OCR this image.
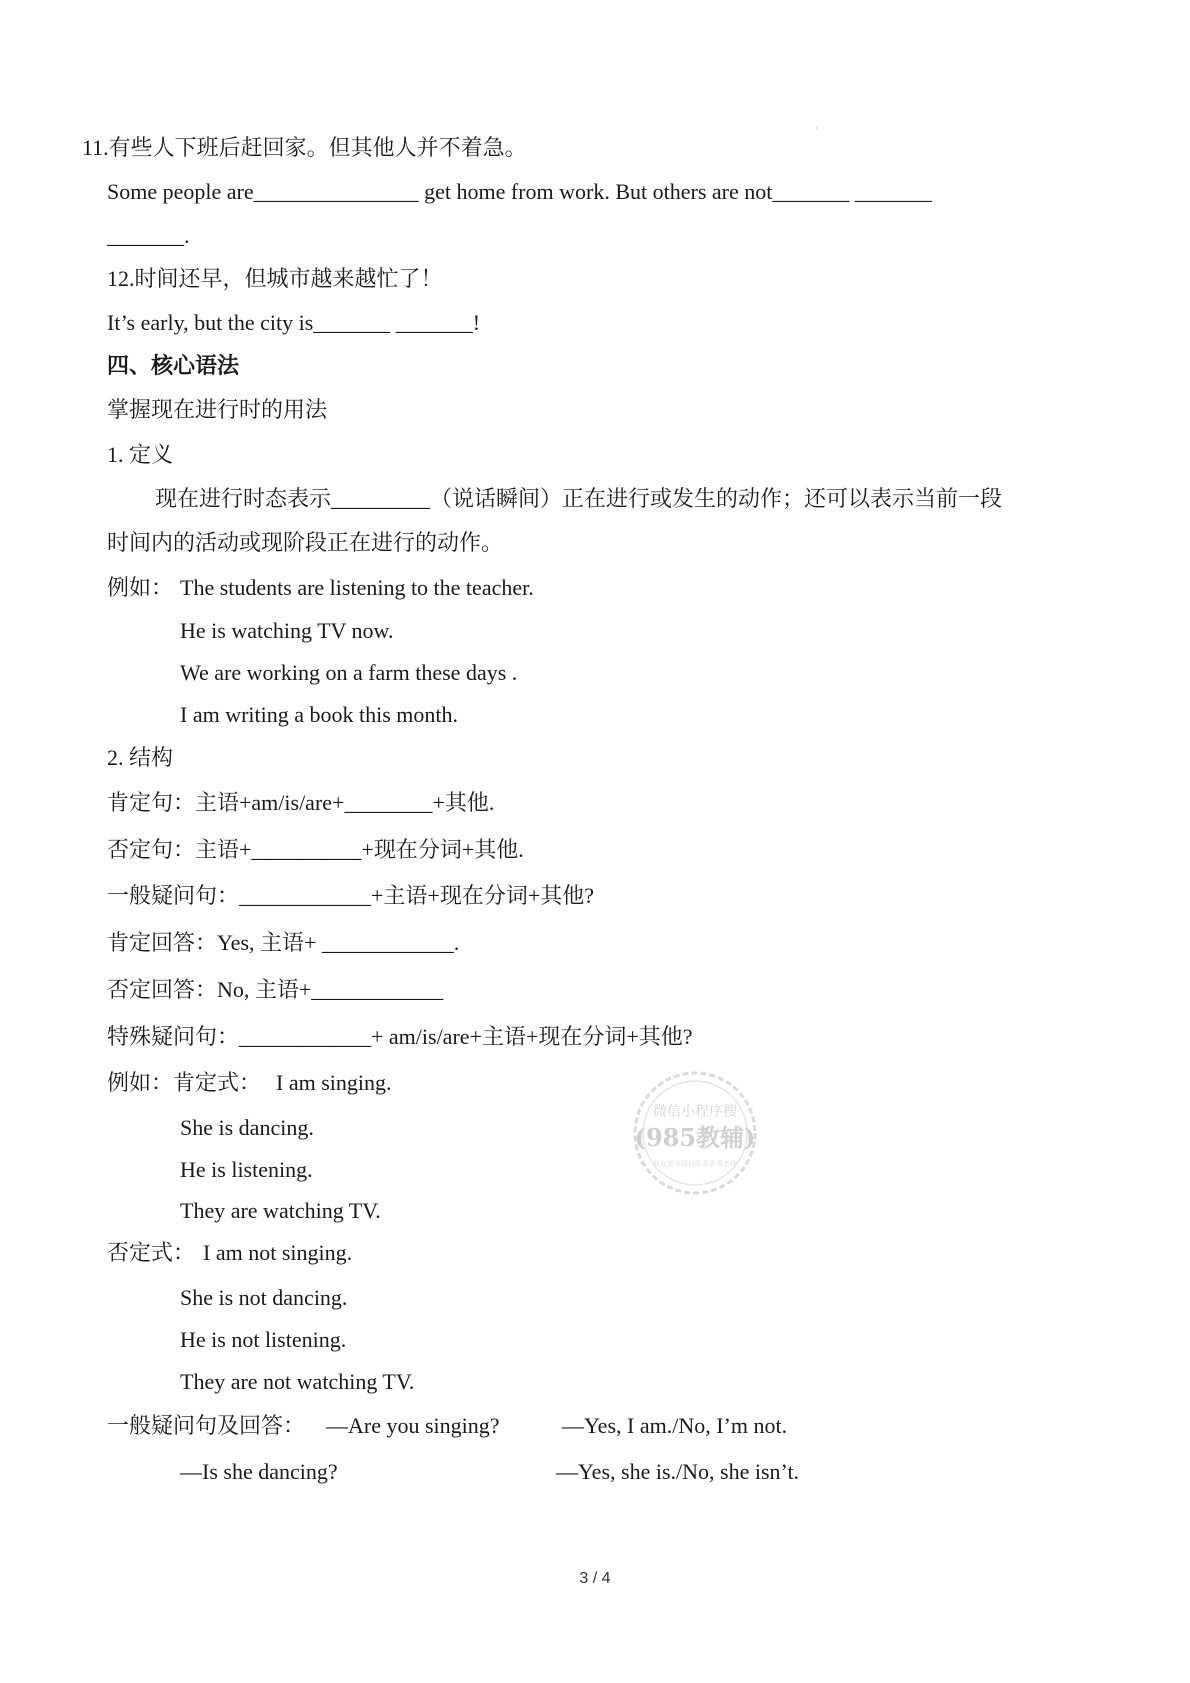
·
11.有些人下班后赶回家。但其他人并不着急。
Some people are_______________ get home from work. But others are not_______ _______
_______.
12.时间还早，但城市越来越忙了！
It’s early, but the city is_______ _______!
四、核心语法
掌握现在进行时的用法
1. 定义
现在进行时态表示_________（说话瞬间）正在进行或发生的动作；还可以表示当前一段
时间内的活动或现阶段正在进行的动作。
例如： The students are listening to the teacher.
He is watching TV now.
We are working on a farm these days .
I am writing a book this month.
2. 结构
肯定句：主语+am/is/are+________+其他.
否定句：主语+__________+现在分词+其他.
一般疑问句：____________+主语+现在分词+其他?
肯定回答：Yes, 主语+ ____________.
否定回答：No, 主语+____________
特殊疑问句：____________+ am/is/are+主语+现在分词+其他?
例如：肯定式： I am singing.
She is dancing.
He is listening.
They are watching TV.
否定式： I am not singing.
She is not dancing.
He is not listening.
They are not watching TV.
一般疑问句及回答： —Are you singing?	—Yes, I am./No, I’m not.
—Is she dancing?	—Yes, she is./No, she isn’t.
微信小程序搜
(985教辅)
获取更多资料联系优秀老师
3 / 4
